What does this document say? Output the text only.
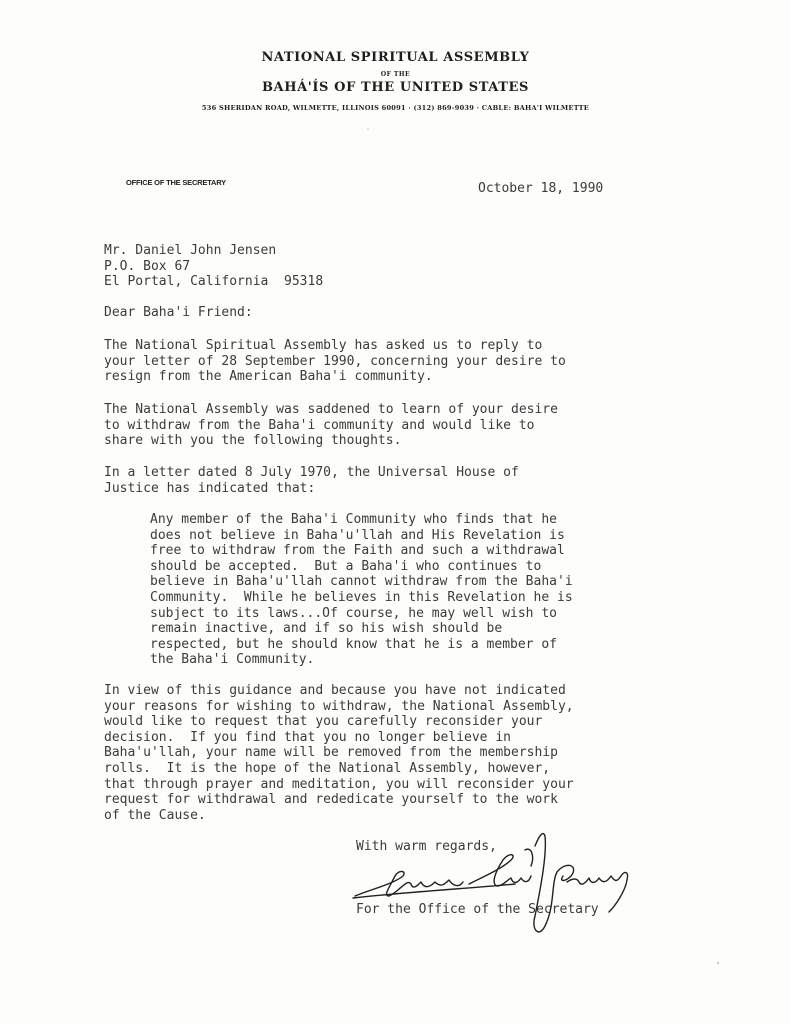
NATIONAL SPIRITUAL ASSEMBLY
OF THE
BAHÁ'ÍS OF THE UNITED STATES
536 SHERIDAN ROAD, WILMETTE, ILLINOIS 60091 · (312) 869-9039 · CABLE: BAHA'I WILMETTE
OFFICE OF THE SECRETARY	October 18, 1990
Mr. Daniel John Jensen
P.O. Box 67
El Portal, California  95318
Dear Baha'i Friend:
The National Spiritual Assembly has asked us to reply to
your letter of 28 September 1990, concerning your desire to
resign from the American Baha'i community.
The National Assembly was saddened to learn of your desire
to withdraw from the Baha'i community and would like to
share with you the following thoughts.
In a letter dated 8 July 1970, the Universal House of
Justice has indicated that:
Any member of the Baha'i Community who finds that he
does not believe in Baha'u'llah and His Revelation is
free to withdraw from the Faith and such a withdrawal
should be accepted.  But a Baha'i who continues to
believe in Baha'u'llah cannot withdraw from the Baha'i
Community.  While he believes in this Revelation he is
subject to its laws...Of course, he may well wish to
remain inactive, and if so his wish should be
respected, but he should know that he is a member of
the Baha'i Community.
In view of this guidance and because you have not indicated
your reasons for wishing to withdraw, the National Assembly,
would like to request that you carefully reconsider your
decision.  If you find that you no longer believe in
Baha'u'llah, your name will be removed from the membership
rolls.  It is the hope of the National Assembly, however,
that through prayer and meditation, you will reconsider your
request for withdrawal and rededicate yourself to the work
of the Cause.
With warm regards,
For the Office of the Secretary
